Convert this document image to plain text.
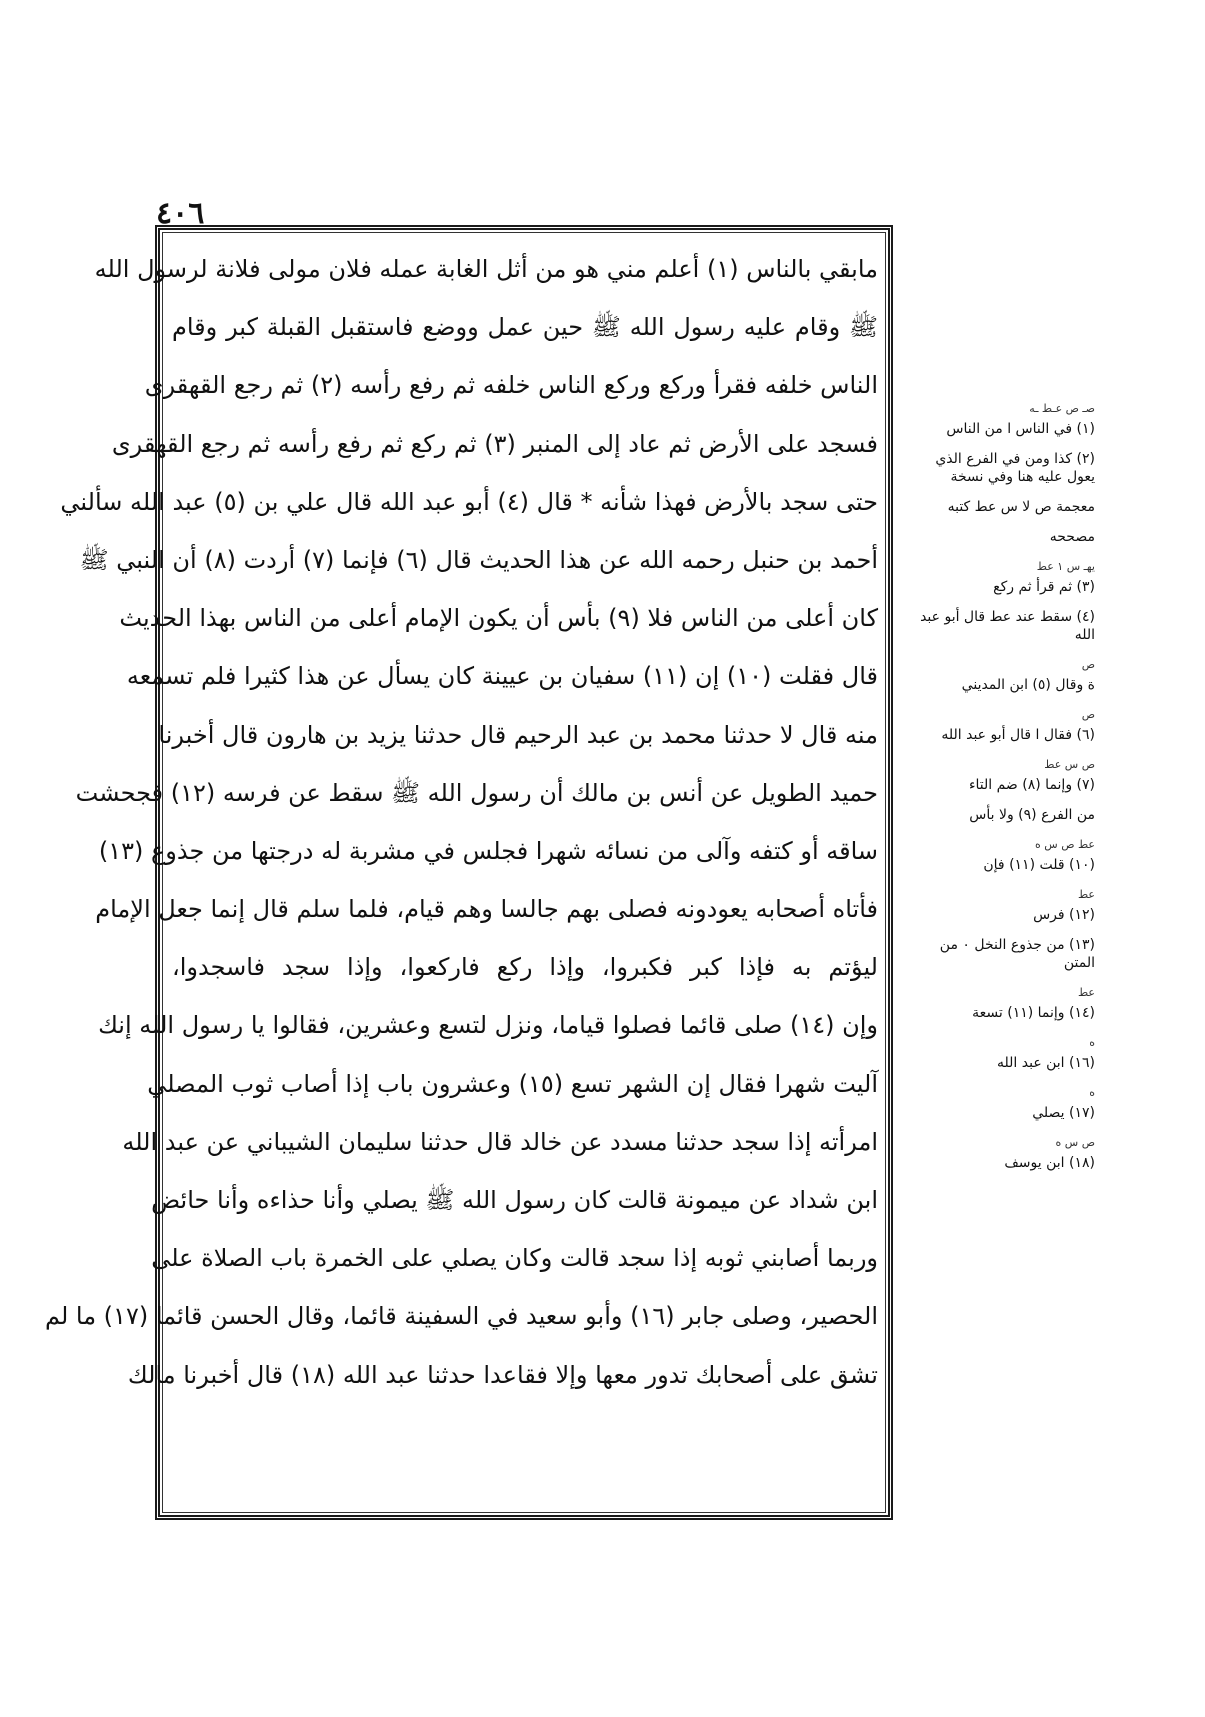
٤٠٦
مابقي بالناس (١) أعلم مني هو من أثل الغابة عمله فلان مولى فلانة لرسول الله
ﷺ وقام عليه رسول الله ﷺ حين عمل ووضع فاستقبل القبلة كبر وقام
الناس خلفه فقرأ وركع وركع الناس خلفه ثم رفع رأسه (٢) ثم رجع القهقرى
فسجد على الأرض ثم عاد إلى المنبر (٣) ثم ركع ثم رفع رأسه ثم رجع القهقرى
حتى سجد بالأرض فهذا شأنه * قال (٤) أبو عبد الله قال علي بن (٥) عبد الله سألني
أحمد بن حنبل رحمه الله عن هذا الحديث قال (٦) فإنما (٧) أردت (٨) أن النبي ﷺ
كان أعلى من الناس فلا (٩) بأس أن يكون الإمام أعلى من الناس بهذا الحديث
قال فقلت (١٠) إن (١١) سفيان بن عيينة كان يسأل عن هذا كثيرا فلم تسمعه
منه قال لا حدثنا محمد بن عبد الرحيم قال حدثنا يزيد بن هارون قال أخبرنا
حميد الطويل عن أنس بن مالك أن رسول الله ﷺ سقط عن فرسه (١٢) فجحشت
ساقه أو كتفه وآلى من نسائه شهرا فجلس في مشربة له درجتها من جذوع (١٣)
فأتاه أصحابه يعودونه فصلى بهم جالسا وهم قيام، فلما سلم قال إنما جعل الإمام
ليؤتم به فإذا كبر فكبروا، وإذا ركع فاركعوا، وإذا سجد فاسجدوا،
وإن (١٤) صلى قائما فصلوا قياما، ونزل لتسع وعشرين، فقالوا يا رسول الله إنك
آليت شهرا فقال إن الشهر تسع (١٥) وعشرون باب إذا أصاب ثوب المصلي
امرأته إذا سجد حدثنا مسدد عن خالد قال حدثنا سليمان الشيباني عن عبد الله
ابن شداد عن ميمونة قالت كان رسول الله ﷺ يصلي وأنا حذاءه وأنا حائض
وربما أصابني ثوبه إذا سجد قالت وكان يصلي على الخمرة باب الصلاة على
الحصير، وصلى جابر (١٦) وأبو سعيد في السفينة قائما، وقال الحسن قائما (١٧) ما لم
تشق على أصحابك تدور معها وإلا فقاعدا حدثنا عبد الله (١٨) قال أخبرنا مالك
صـ ص عـط ـه
(١) في الناس ا من الناس
(٢) كذا ومن في الفرع الذي يعول عليه هنا وفي نسخة
معجمة ص لا س عط كتبه
مصححه
يهـ س ١ عط
(٣) ثم قرأ ثم ركع
(٤) سقط عند عط قال أبو عبد الله
ص
ة وقال (٥) ابن المديني
ص
(٦) فقال ا قال أبو عبد الله
ص س عط
(٧) وإنما (٨) ضم التاء
من الفرع (٩) ولا بأس
عط ص س ه
(١٠) قلت (١١) فإن
عط
(١٢) فرس
(١٣) من جذوع النخل ٠ من المتن
عط
(١٤) وإنما (١١) تسعة
ه
(١٦) ابن عبد الله
ه
(١٧) يصلي
ص س ه
(١٨) ابن يوسف
